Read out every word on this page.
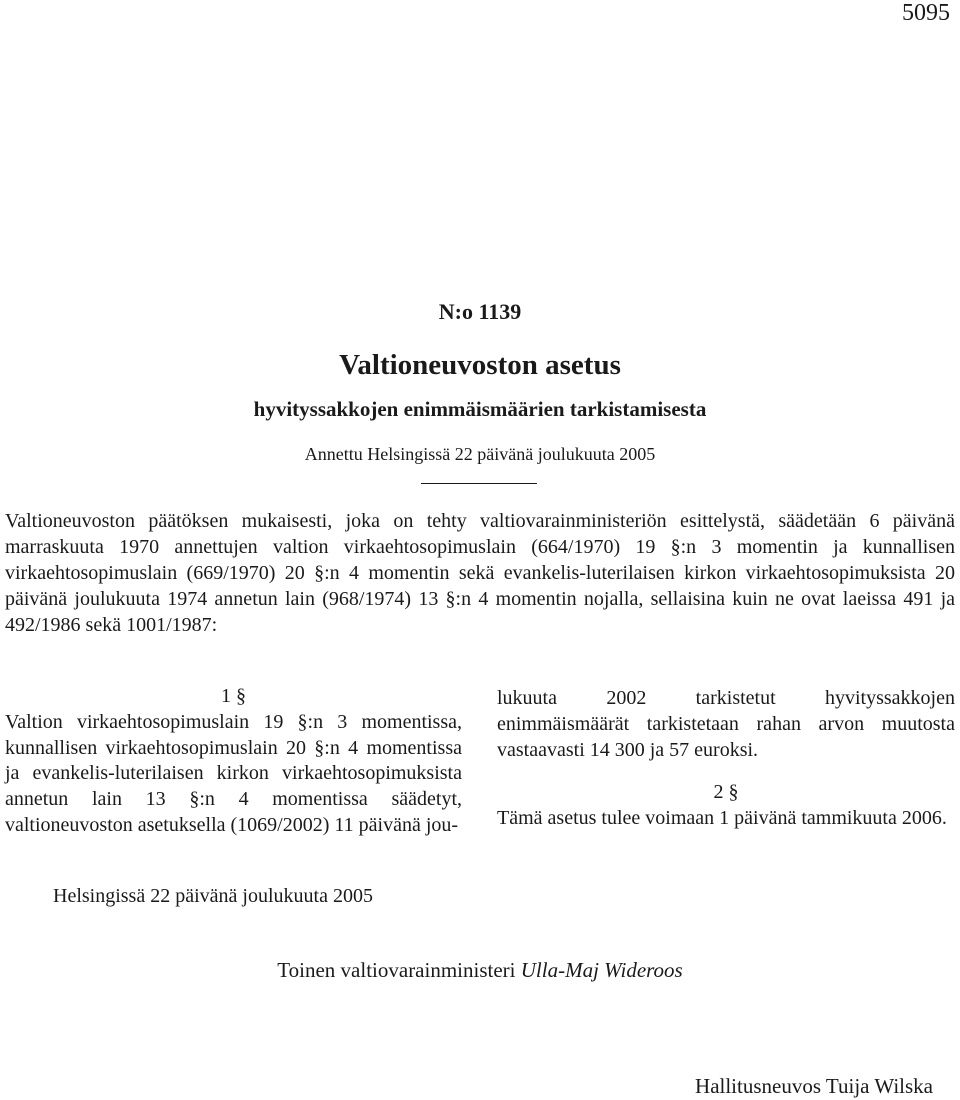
5095
N:o 1139
Valtioneuvoston asetus
hyvityssakkojen enimmäismäärien tarkistamisesta
Annettu Helsingissä 22 päivänä joulukuuta 2005
Valtioneuvoston päätöksen mukaisesti, joka on tehty valtiovarainministeriön esittelystä, säädetään 6 päivänä marraskuuta 1970 annettujen valtion virkaehtosopimuslain (664/1970) 19 §:n 3 momentin ja kunnallisen virkaehtosopimuslain (669/1970) 20 §:n 4 momentin sekä evankelis-luterilaisen kirkon virkaehtosopimuksista 20 päivänä joulukuuta 1974 annetun lain (968/1974) 13 §:n 4 momentin nojalla, sellaisina kuin ne ovat laeissa 491 ja 492/1986 sekä 1001/1987:
1 §

Valtion virkaehtosopimuslain 19 §:n 3 momentissa, kunnallisen virkaehtosopimuslain 20 §:n 4 momentissa ja evankelis-luterilaisen kirkon virkaehtosopimuksista annetun lain 13 §:n 4 momentissa säädetyt, valtioneuvoston asetuksella (1069/2002) 11 päivänä jou-

lukuuta 2002 tarkistetut hyvityssakkojen enimmäismäärät tarkistetaan rahan arvon muutosta vastaavasti 14 300 ja 57 euroksi.

2 §

Tämä asetus tulee voimaan 1 päivänä tammikuuta 2006.

Helsingissä 22 päivänä joulukuuta 2005
Toinen valtiovarainministeri Ulla-Maj Wideroos
Hallitusneuvos Tuija Wilska
